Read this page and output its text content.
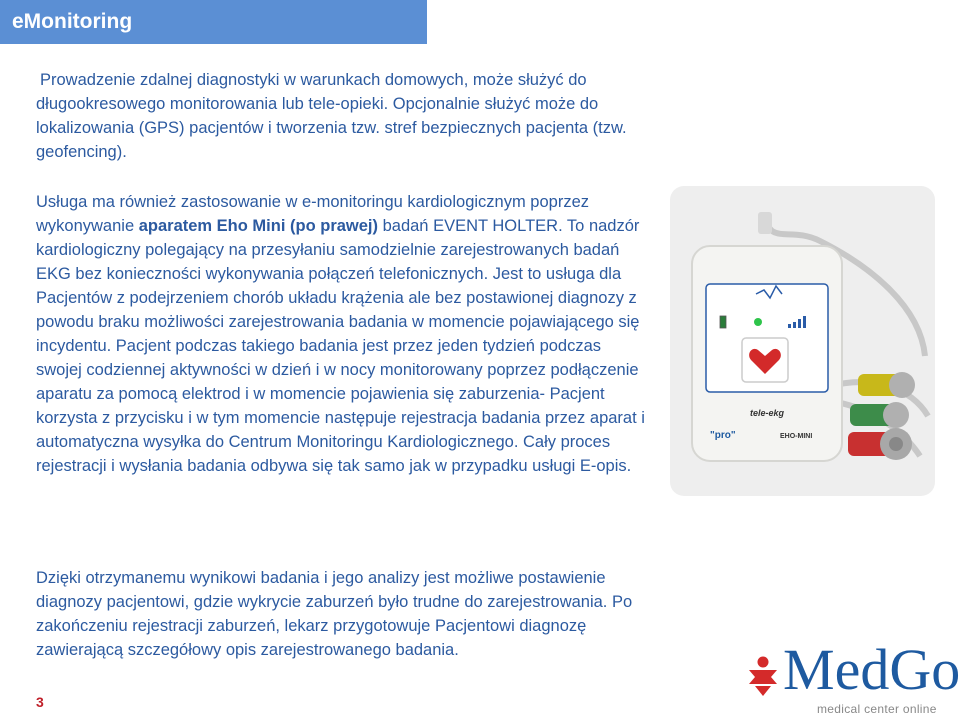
eMonitoring

Prowadzenie zdalnej diagnostyki w warunkach domowych, może służyć do długookresowego monitorowania lub tele-opieki. Opcjonalnie służyć może do lokalizowania (GPS) pacjentów i tworzenia tzw. stref bezpiecznych pacjenta (tzw. geofencing).

Usługa ma również zastosowanie w e-monitoringu kardiologicznym poprzez wykonywanie aparatem Eho Mini (po prawej) badań EVENT HOLTER. To nadzór kardiologiczny polegający na przesyłaniu samodzielnie zarejestrowanych badań EKG bez konieczności wykonywania połączeń telefonicznych. Jest to usługa dla Pacjentów z podejrzeniem chorób układu krążenia ale bez postawionej diagnozy z powodu braku możliwości zarejestrowania badania w momencie pojawiającego się incydentu. Pacjent podczas takiego badania jest przez jeden tydzień podczas swojej codziennej aktywności w dzień i w nocy monitorowany poprzez podłączenie aparatu za pomocą elektrod i w momencie pojawienia się zaburzenia- Pacjent korzysta z przycisku i w tym momencie następuje rejestracja badania przez aparat i automatyczna wysyłka do Centrum Monitoringu Kardiologicznego. Cały proces rejestracji i wysłania badania odbywa się tak samo jak w przypadku usługi E-opis.

Dzięki otrzymanemu wynikowi badania i jego analizy jest możliwe postawienie diagnozy pacjentowi, gdzie wykrycie zaburzeń było trudne do zarejestrowania. Po zakończeniu rejestracji zaburzeń, lekarz przygotowuje Pacjentowi diagnozę zawierającą szczegółowy opis zarejestrowanego badania.

tele-ekg
"pro"	EHO-MINI
3	MedGo
medical center online
